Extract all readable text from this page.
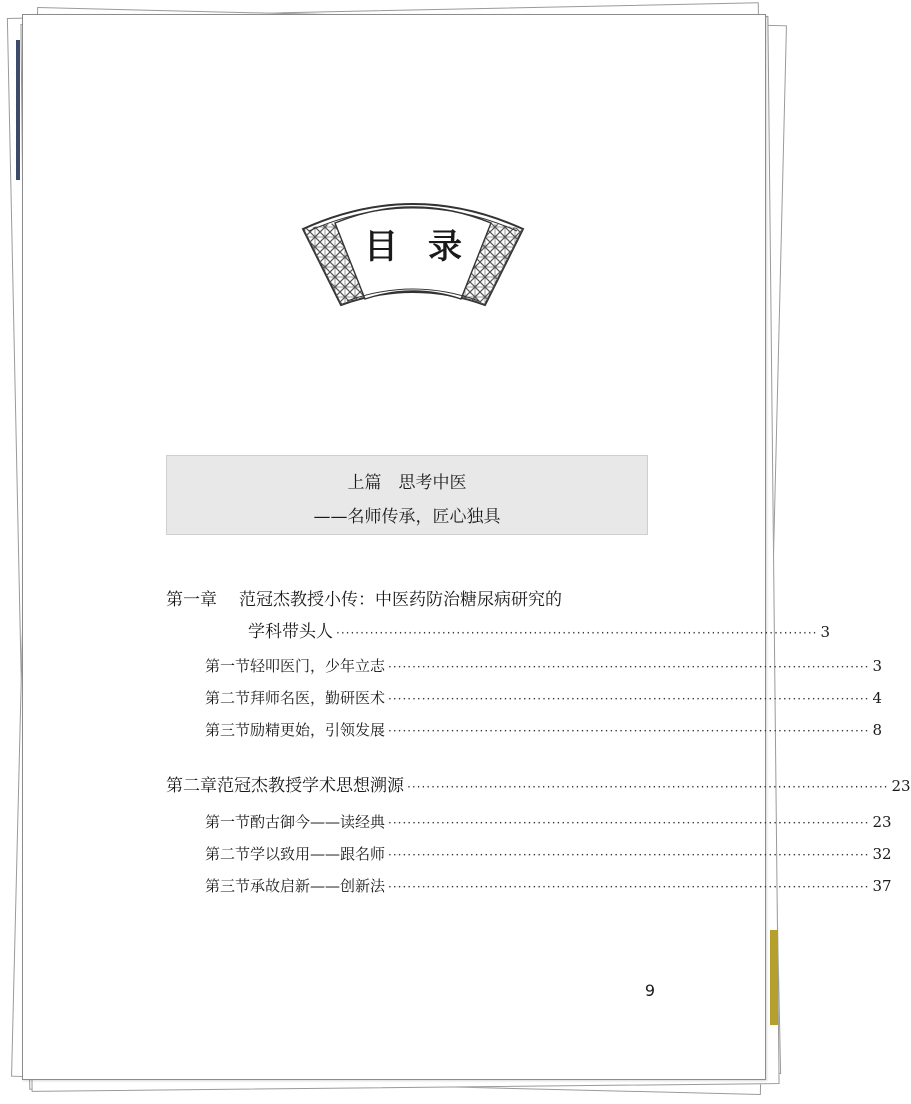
目录
上篇　思考中医
——名师传承，匠心独具
第一章 范冠杰教授小传：中医药防治糖尿病研究的
学科带头人 ···································································································· 3
第一节 轻叩医门，少年立志 ···································································································· 3
第二节 拜师名医，勤研医术 ···································································································· 4
第三节 励精更始，引领发展 ···································································································· 8
第二章 范冠杰教授学术思想溯源 ···································································································· 23
第一节 酌古御今——读经典 ···································································································· 23
第二节 学以致用——跟名师 ···································································································· 32
第三节 承故启新——创新法 ···································································································· 37
9
